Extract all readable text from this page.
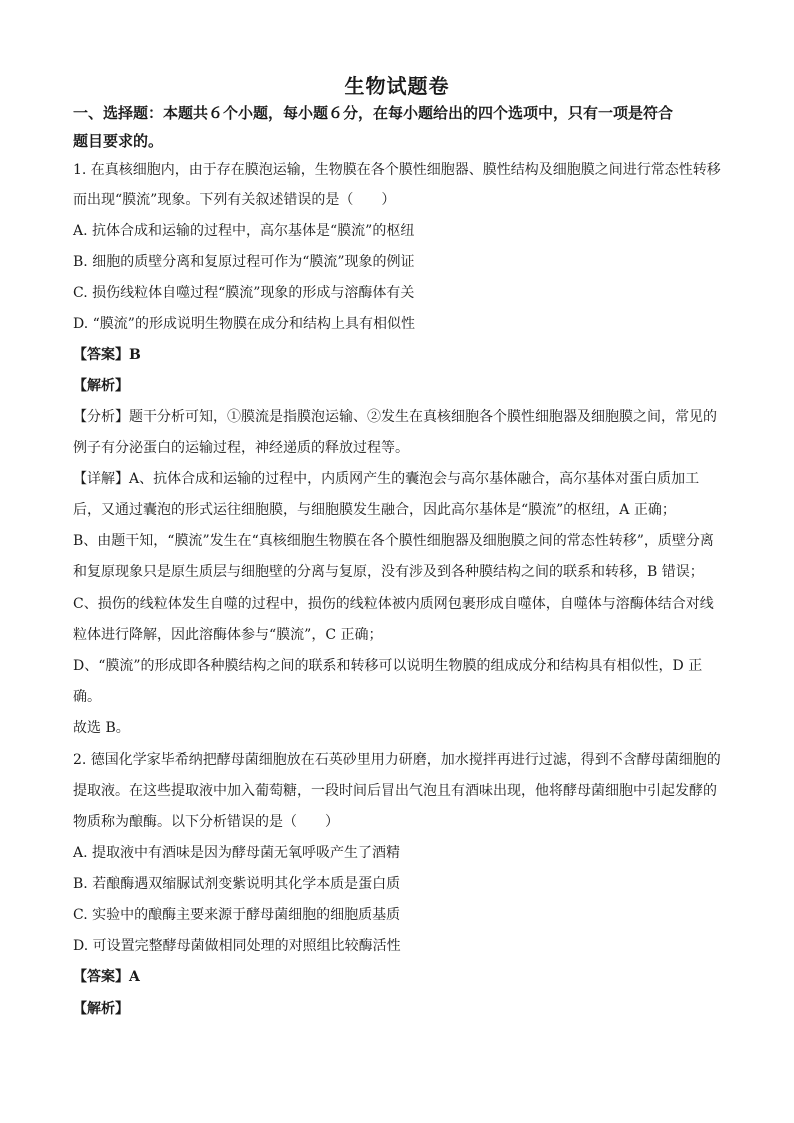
生物试题卷
一、选择题：本题共６个小题，每小题６分，在每小题给出的四个选项中，只有一项是符合
题目要求的。
1. 在真核细胞内，由于存在膜泡运输，生物膜在各个膜性细胞器、膜性结构及细胞膜之间进行常态性转移
而出现“膜流”现象。下列有关叙述错误的是（　　）
A. 抗体合成和运输的过程中，高尔基体是“膜流”的枢纽
B. 细胞的质壁分离和复原过程可作为“膜流”现象的例证
C. 损伤线粒体自噬过程“膜流”现象的形成与溶酶体有关
D. “膜流”的形成说明生物膜在成分和结构上具有相似性
【答案】B
【解析】
【分析】题干分析可知，①膜流是指膜泡运输、②发生在真核细胞各个膜性细胞器及细胞膜之间，常见的
例子有分泌蛋白的运输过程，神经递质的释放过程等。
【详解】A、抗体合成和运输的过程中，内质网产生的囊泡会与高尔基体融合，高尔基体对蛋白质加工
后，又通过囊泡的形式运往细胞膜，与细胞膜发生融合，因此高尔基体是“膜流”的枢纽，A 正确；
B、由题干知，“膜流”发生在“真核细胞生物膜在各个膜性细胞器及细胞膜之间的常态性转移”，质壁分离
和复原现象只是原生质层与细胞壁的分离与复原，没有涉及到各种膜结构之间的联系和转移，B 错误；
C、损伤的线粒体发生自噬的过程中，损伤的线粒体被内质网包裹形成自噬体，自噬体与溶酶体结合对线
粒体进行降解，因此溶酶体参与“膜流”，C 正确；
D、“膜流”的形成即各种膜结构之间的联系和转移可以说明生物膜的组成成分和结构具有相似性，D 正
确。
故选 B。
2. 德国化学家毕希纳把酵母菌细胞放在石英砂里用力研磨，加水搅拌再进行过滤，得到不含酵母菌细胞的
提取液。在这些提取液中加入葡萄糖，一段时间后冒出气泡且有酒味出现，他将酵母菌细胞中引起发酵的
物质称为酿酶。以下分析错误的是（　　）
A. 提取液中有酒味是因为酵母菌无氧呼吸产生了酒精
B. 若酿酶遇双缩脲试剂变紫说明其化学本质是蛋白质
C. 实验中的酿酶主要来源于酵母菌细胞的细胞质基质
D. 可设置完整酵母菌做相同处理的对照组比较酶活性
【答案】A
【解析】
